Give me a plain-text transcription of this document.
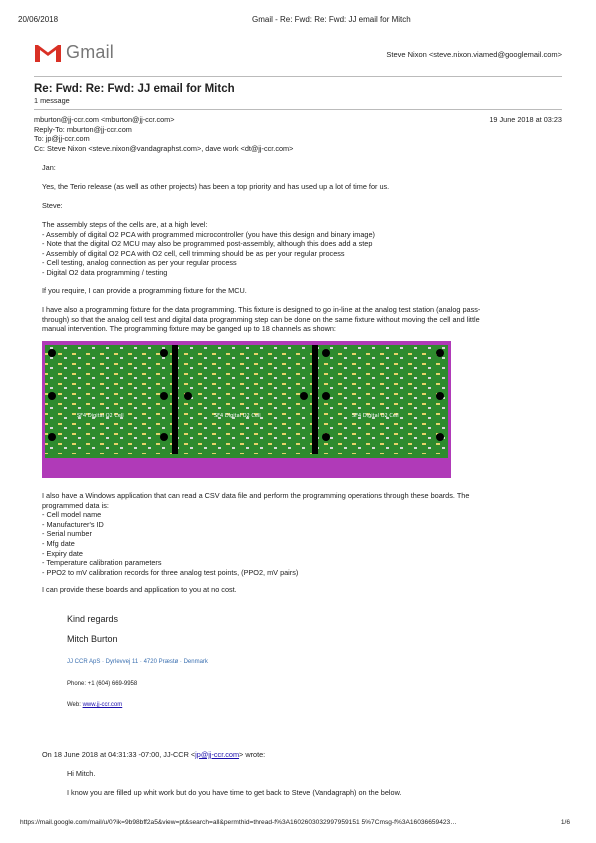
20/06/2018	Gmail - Re: Fwd: Re: Fwd: JJ email for Mitch
Gmail	Steve Nixon <steve.nixon.viamed@googlemail.com>
Re: Fwd: Re: Fwd: JJ email for Mitch
1 message
mburton@jj-ccr.com <mburton@jj-ccr.com>	19 June 2018 at 03:23
Reply-To: mburton@jj-ccr.com
To: jp@jj-ccr.com
Cc: Steve Nixon <steve.nixon@vandagraphst.com>, dave work <dt@jj-ccr.com>
Jan:
Yes, the Terio release (as well as other projects) has been a top priority and has used up a lot of time for us.
Steve:
The assembly steps of the cells are, at a high level:
- Assembly of digital O2 PCA with programmed microcontroller (you have this design and binary image)
- Note that the digital O2 MCU may also be programmed post-assembly, although this does add a step
- Assembly of digital O2 PCA with O2 cell, cell trimming should be as per your regular process
- Cell testing, analog connection as per your regular process
- Digital O2 data programming / testing
If you require, I can provide a programming fixture for the MCU.
I have also a programming fixture for the data programming. This fixture is designed to go in-line at the analog test station (analog pass-
through) so that the analog cell test and digital data programming step can be done on the same fixture without moving the cell and little
manual intervention. The programming fixture may be ganged up to 18 channels as shown:
SF4 Digital O2 Cell	SF4 Digital O2 Cell	SF4 Digital O2 Cell
I also have a Windows application that can read a CSV data file and perform the programming operations through these boards. The
programmed data is:
- Cell model name
- Manufacturer's ID
- Serial number
- Mfg date
- Expiry date
- Temperature calibration parameters
- PPO2 to mV calibration records for three analog test points, (PPO2, mV pairs)
I can provide these boards and application to you at no cost.
Kind regards
Mitch Burton
JJ CCR ApS · Dyrlevvej 11 · 4720 Præstø · Denmark
Phone: +1 (604) 669-9958
Web: www.jj-ccr.com
On 18 June 2018 at 04:31:33 -07:00, JJ-CCR <jp@jj-ccr.com> wrote:
Hi Mitch.
I know you are filled up whit work but do you have time to get back to Steve (Vandagraph) on the below.
https://mail.google.com/mail/u/0?ik=9b98bff2a5&view=pt&search=all&permthid=thread-f%3A1602603032997959151 5%7Cmsg-f%3A16036659423…	1/6
